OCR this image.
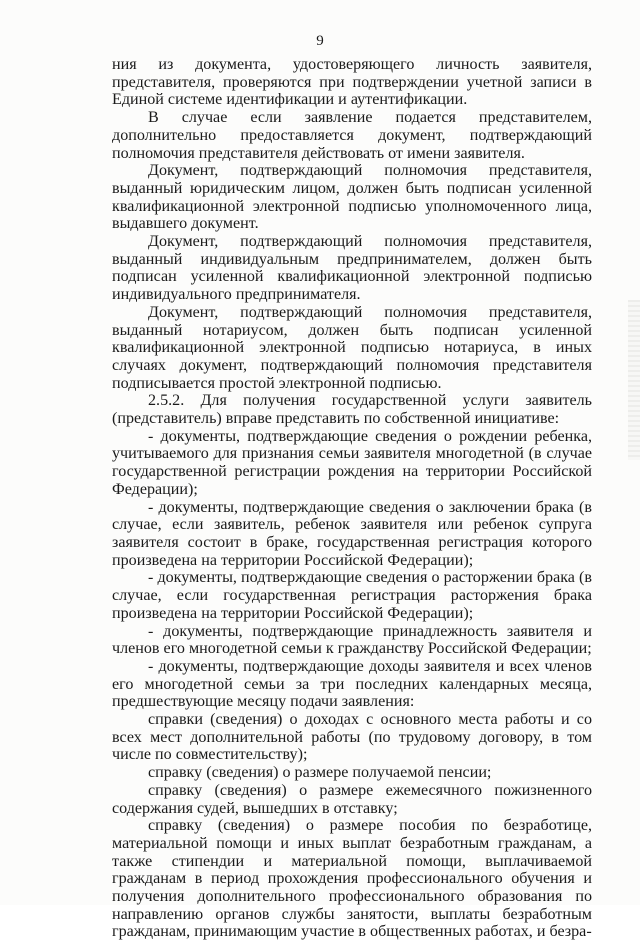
9

ния из документа, удостоверяющего личность заявителя, представителя, проверяются при подтверждении учетной записи в Единой системе идентификации и аутентификации.

В случае если заявление подается представителем, дополнительно предоставляется документ, подтверждающий полномочия представителя действовать от имени заявителя.

Документ, подтверждающий полномочия представителя, выданный юридическим лицом, должен быть подписан усиленной квалификационной электронной подписью уполномоченного лица, выдавшего документ.

Документ, подтверждающий полномочия представителя, выданный индивидуальным предпринимателем, должен быть подписан усиленной квалификационной электронной подписью индивидуального предпринимателя.

Документ, подтверждающий полномочия представителя, выданный нотариусом, должен быть подписан усиленной квалификационной электронной подписью нотариуса, в иных случаях документ, подтверждающий полномочия представителя подписывается простой электронной подписью.

2.5.2. Для получения государственной услуги заявитель (представитель) вправе представить по собственной инициативе:

- документы, подтверждающие сведения о рождении ребенка, учитываемого для признания семьи заявителя многодетной (в случае государственной регистрации рождения на территории Российской Федерации);

- документы, подтверждающие сведения о заключении брака (в случае, если заявитель, ребенок заявителя или ребенок супруга заявителя состоит в браке, государственная регистрация которого произведена на территории Российской Федерации);

- документы, подтверждающие сведения о расторжении брака (в случае, если государственная регистрация расторжения брака произведена на территории Российской Федерации);

- документы, подтверждающие принадлежность заявителя и членов его многодетной семьи к гражданству Российской Федерации;

- документы, подтверждающие доходы заявителя и всех членов его многодетной семьи за три последних календарных месяца, предшествующие месяцу подачи заявления:

справки (сведения) о доходах с основного места работы и со всех мест дополнительной работы (по трудовому договору, в том числе по совместительству);

справку (сведения) о размере получаемой пенсии;

справку (сведения) о размере ежемесячного пожизненного содержания судей, вышедших в отставку;

справку (сведения) о размере пособия по безработице, материальной помощи и иных выплат безработным гражданам, а также стипендии и материальной помощи, выплачиваемой гражданам в период прохождения профессионального обучения и получения дополнительного профессионального образования по направлению органов службы занятости, выплаты безработным гражданам, принимающим участие в общественных работах, и безра-
